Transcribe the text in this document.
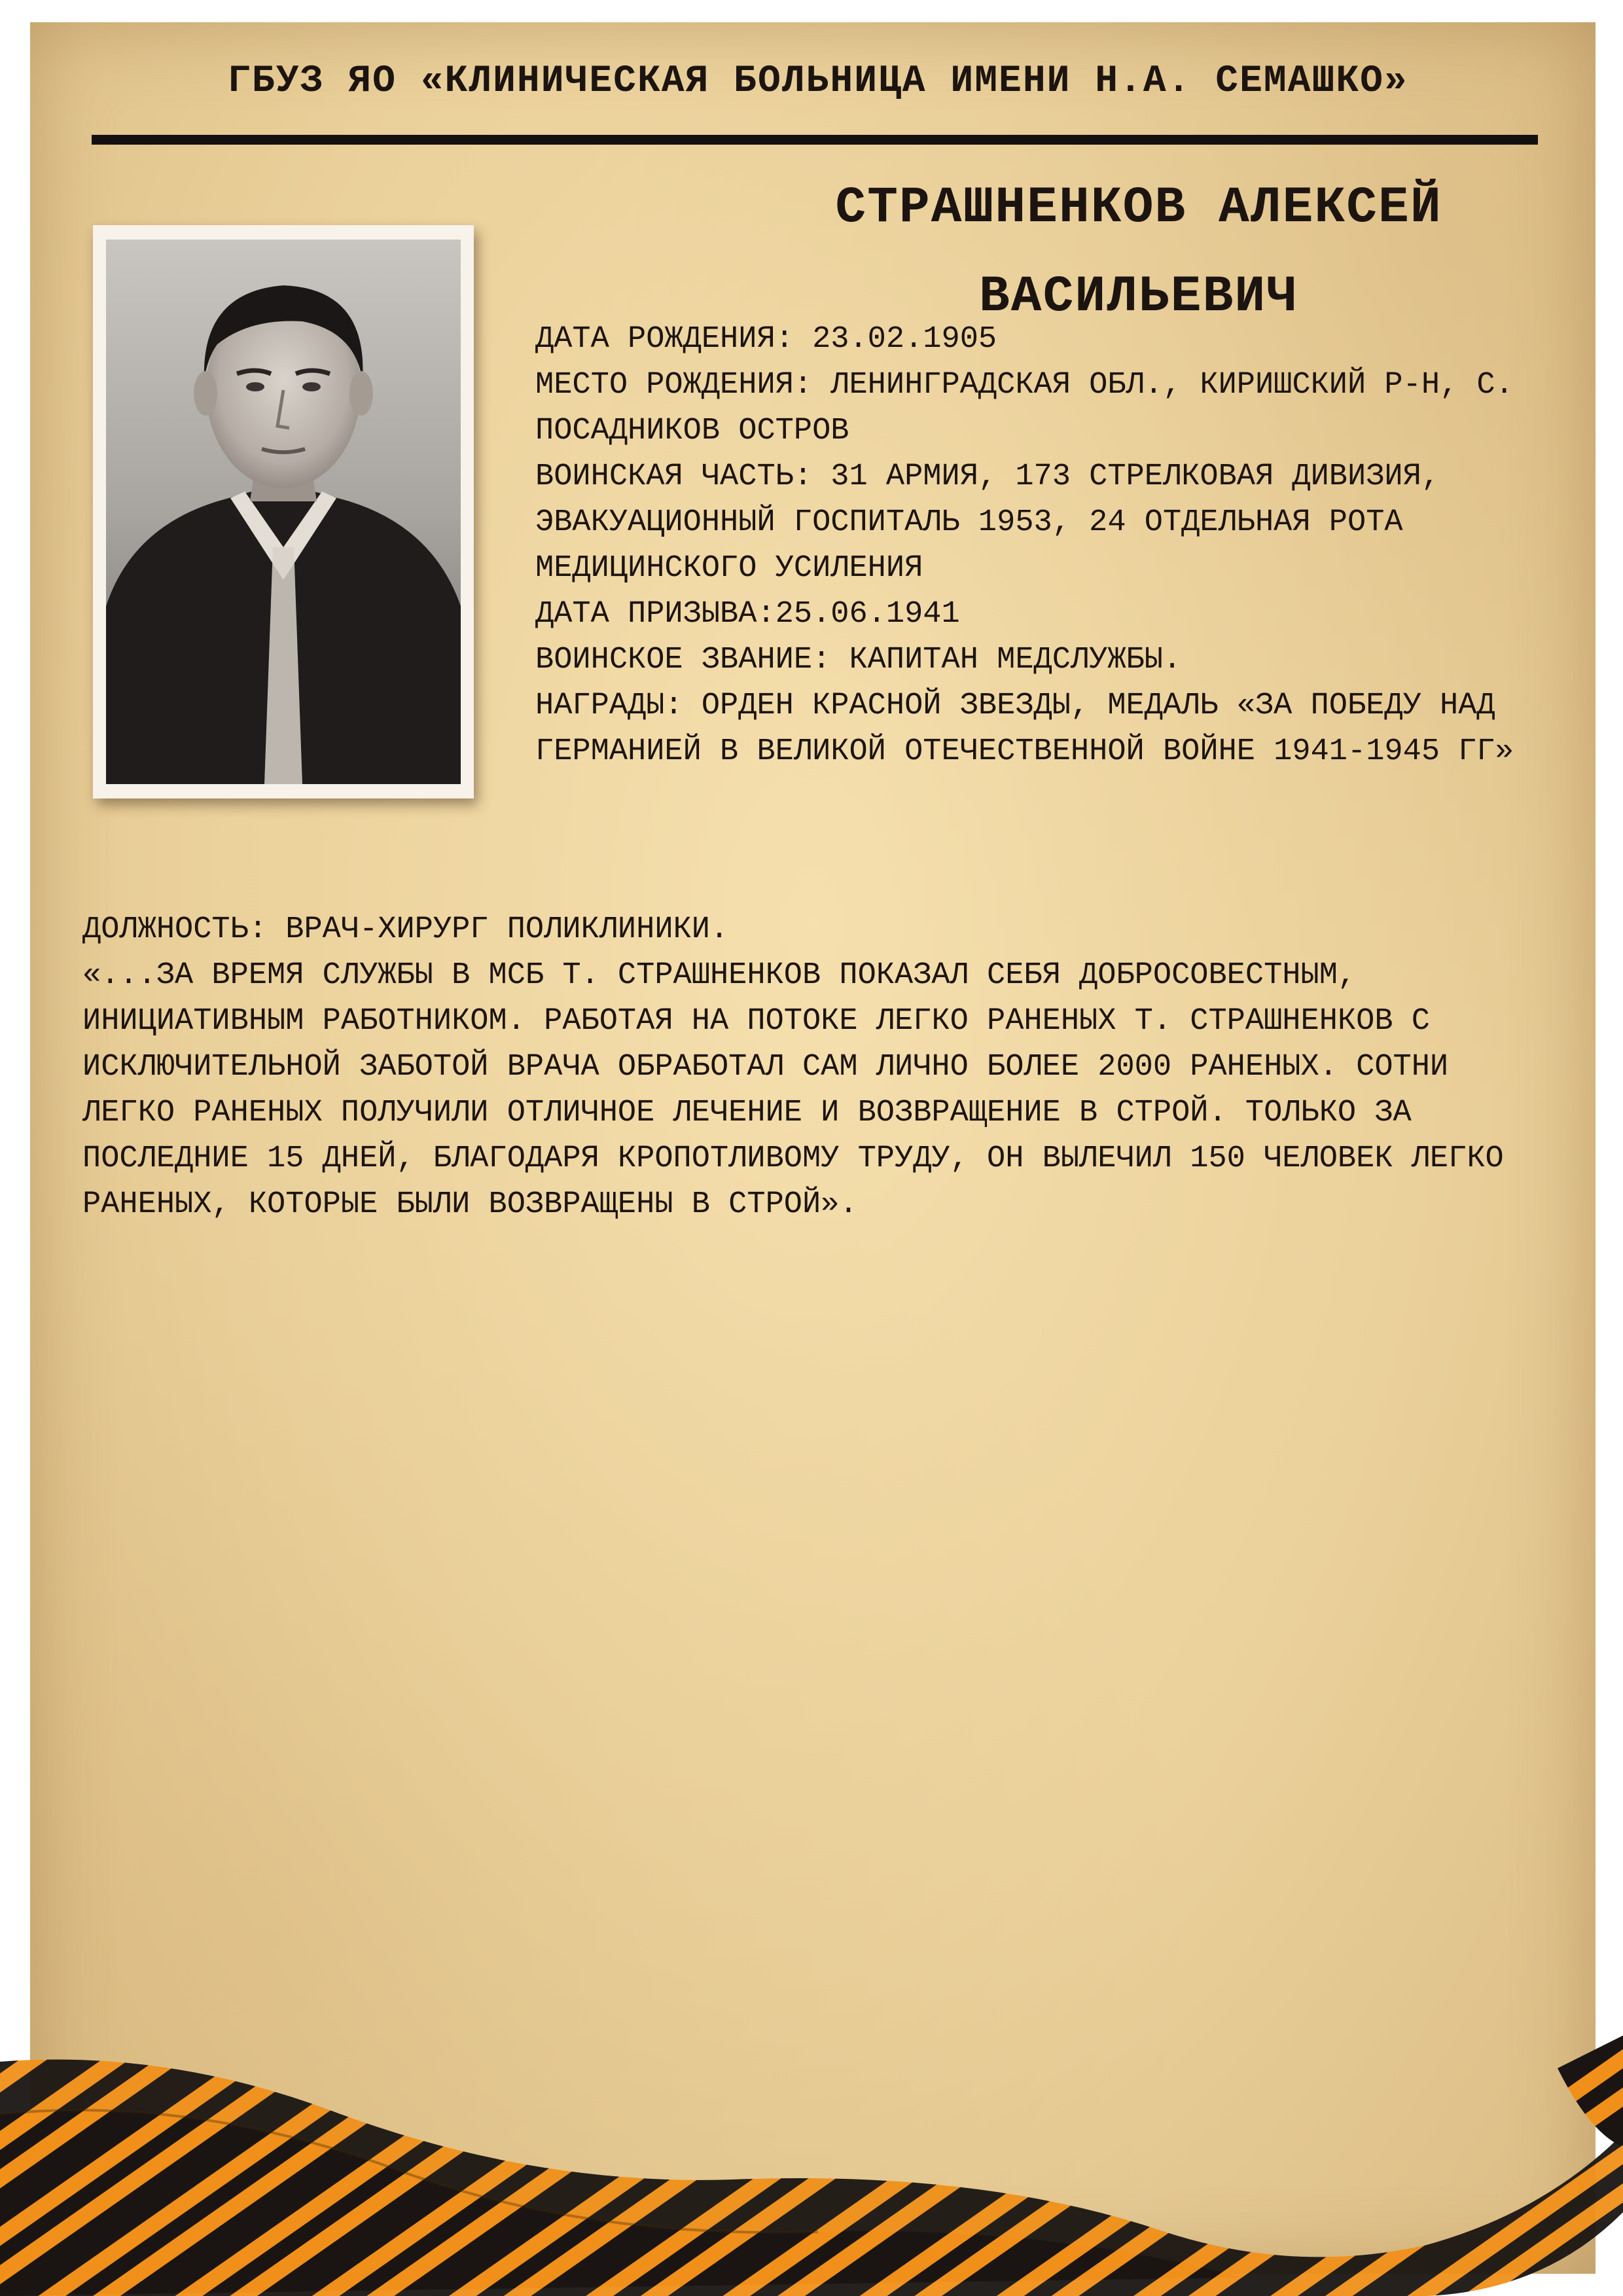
ГБУЗ ЯО «КЛИНИЧЕСКАЯ БОЛЬНИЦА ИМЕНИ Н.А. СЕМАШКО»
СТРАШНЕНКОВ АЛЕКСЕЙ
ВАСИЛЬЕВИЧ
ДАТА РОЖДЕНИЯ: 23.02.1905
МЕСТО РОЖДЕНИЯ: ЛЕНИНГРАДСКАЯ ОБЛ., КИРИШСКИЙ Р-Н, С. ПОСАДНИКОВ ОСТРОВ
ВОИНСКАЯ ЧАСТЬ: 31 АРМИЯ, 173 СТРЕЛКОВАЯ ДИВИЗИЯ, ЭВАКУАЦИОННЫЙ ГОСПИТАЛЬ 1953, 24 ОТДЕЛЬНАЯ РОТА МЕДИЦИНСКОГО УСИЛЕНИЯ
ДАТА ПРИЗЫВА:25.06.1941
ВОИНСКОЕ ЗВАНИЕ: КАПИТАН МЕДСЛУЖБЫ.
НАГРАДЫ: ОРДЕН КРАСНОЙ ЗВЕЗДЫ, МЕДАЛЬ «ЗА ПОБЕДУ НАД ГЕРМАНИЕЙ В ВЕЛИКОЙ ОТЕЧЕСТВЕННОЙ ВОЙНЕ 1941-1945 ГГ»
ДОЛЖНОСТЬ: ВРАЧ-ХИРУРГ ПОЛИКЛИНИКИ.
«...ЗА ВРЕМЯ СЛУЖБЫ В МСБ Т. СТРАШНЕНКОВ ПОКАЗАЛ СЕБЯ ДОБРОСОВЕСТНЫМ, ИНИЦИАТИВНЫМ РАБОТНИКОМ. РАБОТАЯ НА ПОТОКЕ ЛЕГКО РАНЕНЫХ Т. СТРАШНЕНКОВ С ИСКЛЮЧИТЕЛЬНОЙ ЗАБОТОЙ ВРАЧА ОБРАБОТАЛ САМ ЛИЧНО БОЛЕЕ 2000 РАНЕНЫХ. СОТНИ ЛЕГКО РАНЕНЫХ ПОЛУЧИЛИ ОТЛИЧНОЕ ЛЕЧЕНИЕ И ВОЗВРАЩЕНИЕ В СТРОЙ. ТОЛЬКО ЗА ПОСЛЕДНИЕ 15 ДНЕЙ, БЛАГОДАРЯ КРОПОТЛИВОМУ ТРУДУ, ОН ВЫЛЕЧИЛ 150 ЧЕЛОВЕК ЛЕГКО РАНЕНЫХ, КОТОРЫЕ БЫЛИ ВОЗВРАЩЕНЫ В СТРОЙ».
